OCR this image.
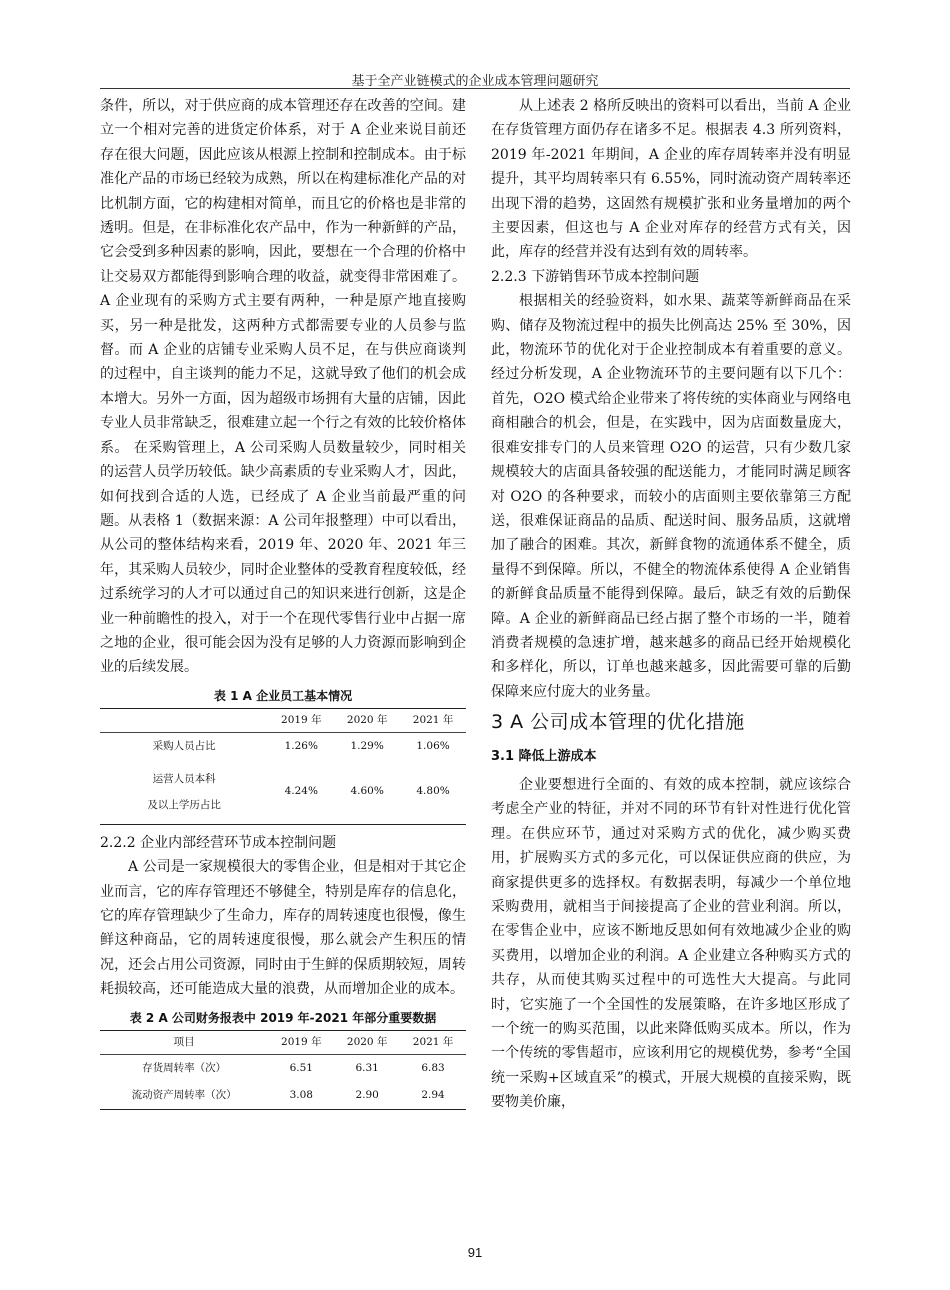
基于全产业链模式的企业成本管理问题研究

条件，所以，对于供应商的成本管理还存在改善的空间。建立一个相对完善的进货定价体系，对于 A 企业来说目前还存在很大问题，因此应该从根源上控制和控制成本。由于标准化产品的市场已经较为成熟，所以在构建标准化产品的对比机制方面，它的构建相对简单，而且它的价格也是非常的透明。但是，在非标准化农产品中，作为一种新鲜的产品，它会受到多种因素的影响，因此，要想在一个合理的价格中让交易双方都能得到影响合理的收益，就变得非常困难了。A 企业现有的采购方式主要有两种，一种是原产地直接购买，另一种是批发，这两种方式都需要专业的人员参与监督。而 A 企业的店铺专业采购人员不足，在与供应商谈判的过程中，自主谈判的能力不足，这就导致了他们的机会成本增大。另外一方面，因为超级市场拥有大量的店铺，因此专业人员非常缺乏，很难建立起一个行之有效的比较价格体系。 在采购管理上，A 公司采购人员数量较少，同时相关的运营人员学历较低。缺少高素质的专业采购人才，因此，如何找到合适的人选，已经成了 A 企业当前最严重的问题。从表格 1（数据来源：A 公司年报整理）中可以看出，从公司的整体结构来看，2019 年、2020 年、2021 年三年，其采购人员较少，同时企业整体的受教育程度较低，经过系统学习的人才可以通过自己的知识来进行创新，这是企业一种前瞻性的投入，对于一个在现代零售行业中占据一席之地的企业，很可能会因为没有足够的人力资源而影响到企业的后续发展。

表 1 A 企业员工基本情况
	2019 年	2020 年	2021 年
采购人员占比	1.26%	1.29%	1.06%
运营人员本科
及以上学历占比	4.24%	4.60%	4.80%

2.2.2 企业内部经营环节成本控制问题

A 公司是一家规模很大的零售企业，但是相对于其它企业而言，它的库存管理还不够健全，特别是库存的信息化，它的库存管理缺少了生命力，库存的周转速度也很慢，像生鲜这种商品，它的周转速度很慢，那么就会产生积压的情况，还会占用公司资源，同时由于生鲜的保质期较短，周转耗损较高，还可能造成大量的浪费，从而增加企业的成本。

表 2 A 公司财务报表中 2019 年-2021 年部分重要数据
项目	2019 年	2020 年	2021 年
存货周转率（次）	6.51	6.31	6.83
流动资产周转率（次）	3.08	2.90	2.94

从上述表 2 格所反映出的资料可以看出，当前 A 企业在存货管理方面仍存在诸多不足。根据表 4.3 所列资料，2019 年-2021 年期间，A 企业的库存周转率并没有明显提升，其平均周转率只有 6.55%，同时流动资产周转率还出现下滑的趋势，这固然有规模扩张和业务量增加的两个主要因素，但这也与 A 企业对库存的经营方式有关，因此，库存的经营并没有达到有效的周转率。

2.2.3 下游销售环节成本控制问题

根据相关的经验资料，如水果、蔬菜等新鲜商品在采购、储存及物流过程中的损失比例高达 25% 至 30%，因此，物流环节的优化对于企业控制成本有着重要的意义。经过分析发现，A 企业物流环节的主要问题有以下几个：首先，O2O 模式给企业带来了将传统的实体商业与网络电商相融合的机会，但是，在实践中，因为店面数量庞大，很难安排专门的人员来管理 O2O 的运营，只有少数几家规模较大的店面具备较强的配送能力，才能同时满足顾客对 O2O 的各种要求，而较小的店面则主要依靠第三方配送，很难保证商品的品质、配送时间、服务品质，这就增加了融合的困难。其次，新鲜食物的流通体系不健全，质量得不到保障。所以，不健全的物流体系使得 A 企业销售的新鲜食品质量不能得到保障。最后，缺乏有效的后勤保障。A 企业的新鲜商品已经占据了整个市场的一半，随着消费者规模的急速扩增，越来越多的商品已经开始规模化和多样化，所以，订单也越来越多，因此需要可靠的后勤保障来应付庞大的业务量。

3 A 公司成本管理的优化措施
3.1 降低上游成本

企业要想进行全面的、有效的成本控制，就应该综合考虑全产业的特征，并对不同的环节有针对性进行优化管理。在供应环节，通过对采购方式的优化，减少购买费用，扩展购买方式的多元化，可以保证供应商的供应，为商家提供更多的选择权。有数据表明，每减少一个单位地采购费用，就相当于间接提高了企业的营业利润。所以，在零售企业中，应该不断地反思如何有效地减少企业的购买费用，以增加企业的利润。A 企业建立各种购买方式的共存，从而使其购买过程中的可选性大大提高。与此同时，它实施了一个全国性的发展策略，在许多地区形成了一个统一的购买范围，以此来降低购买成本。所以，作为一个传统的零售超市，应该利用它的规模优势，参考“全国统一采购+区域直采”的模式，开展大规模的直接采购，既要物美价廉，

91
